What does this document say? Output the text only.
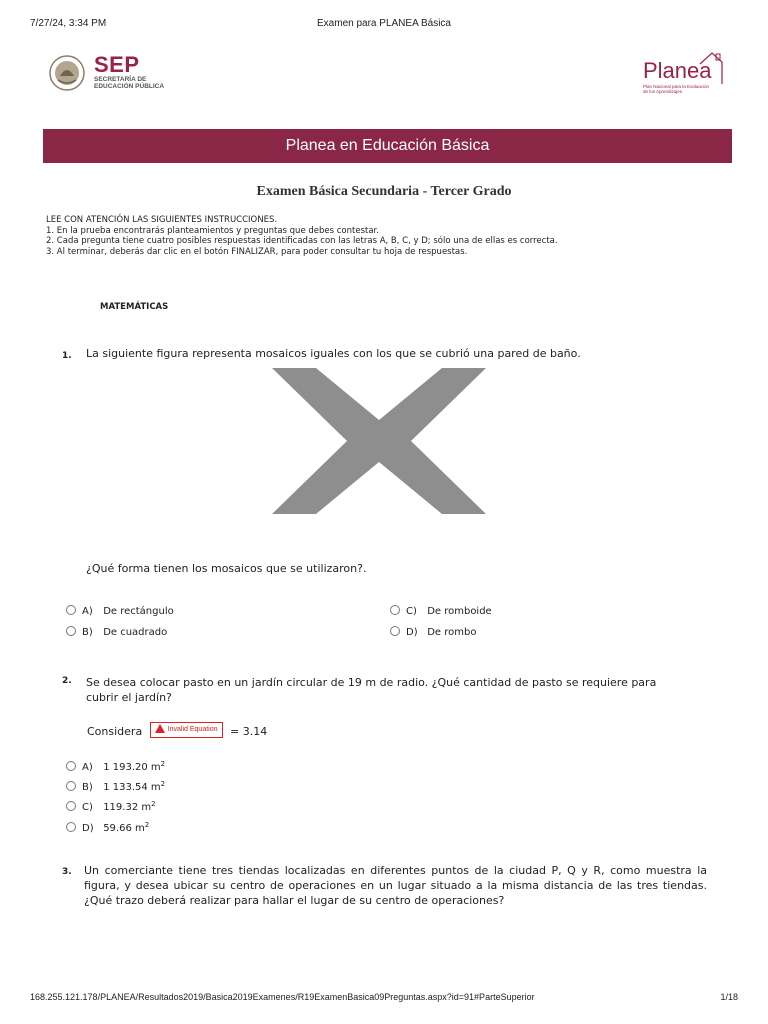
7/27/24, 3:34 PM	Examen para PLANEA Básica
SEP
SECRETARÍA DE EDUCACIÓN PÚBLICA
Planea
Plan Nacional para la Evaluación de los Aprendizajes
Planea en Educación Básica
Examen Básica Secundaria - Tercer Grado
LEE CON ATENCIÓN LAS SIGUIENTES INSTRUCCIONES.
1. En la prueba encontrarás planteamientos y preguntas que debes contestar.
2. Cada pregunta tiene cuatro posibles respuestas identificadas con las letras A, B, C, y D; sólo una de ellas es correcta.
3. Al terminar, deberás dar clic en el botón FINALIZAR, para poder consultar tu hoja de respuestas.
MATEMÁTICAS
1. La siguiente figura representa mosaicos iguales con los que se cubrió una pared de baño.
¿Qué forma tienen los mosaicos que se utilizaron?.
A) De rectángulo
B) De cuadrado
C) De romboide
D) De rombo
2. Se desea colocar pasto en un jardín circular de 19 m de radio. ¿Qué cantidad de pasto se requiere para
cubrir el jardín?
Considera	Invalid Equation = 3.14
A) 1 193.20 $m^2$
B) 1 133.54 $m^2$
C) 119.32 $m^2$
D) 59.66 $m^2$
3. Un comerciante tiene tres tiendas localizadas en diferentes puntos de la ciudad P, Q y R, como muestra la figura, y desea ubicar su centro de operaciones en un lugar situado a la misma distancia de las tres tiendas. ¿Qué trazo deberá realizar para hallar el lugar de su centro de operaciones?
168.255.121.178/PLANEA/Resultados2019/Basica2019Examenes/R19ExamenBasica09Preguntas.aspx?id=91#ParteSuperior	1/18
